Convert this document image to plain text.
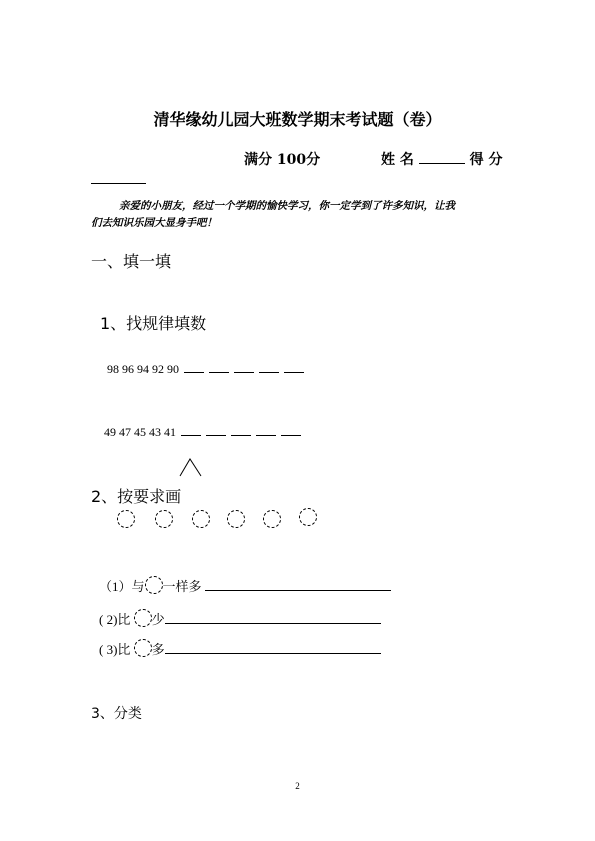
清华缘幼儿园大班数学期末考试题（卷）
满分 100分	姓 名	得 分
亲爱的小朋友，经过一个学期的愉快学习，你一定学到了许多知识，让我
们去知识乐园大显身手吧！
一、填一填
1、找规律填数
98 96 94 92 90
49 47 45 43 41
2、按要求画
（1）与 一样多
( 2)比 少
( 3)比 多
3、分类
2
